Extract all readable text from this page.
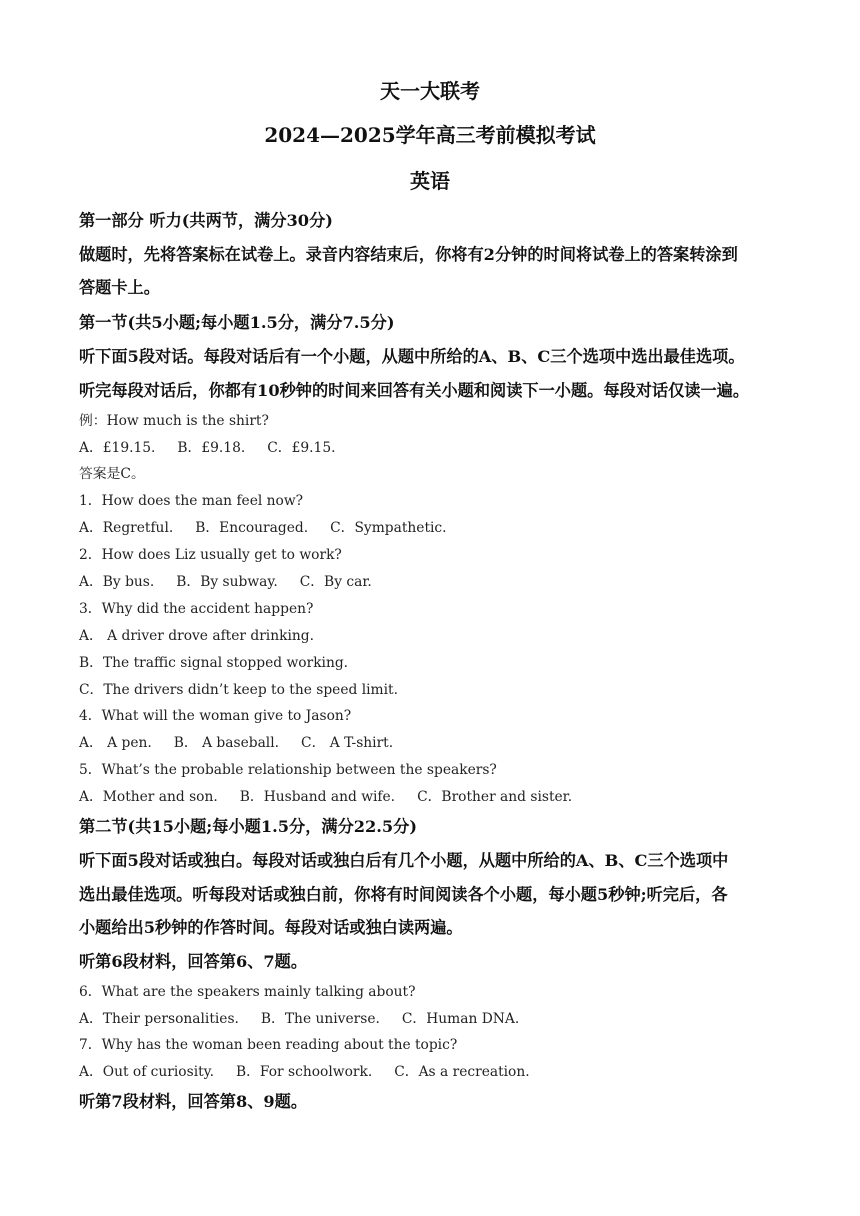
天一大联考
2024—2025学年高三考前模拟考试
英语
第一部分 听力(共两节，满分30分)
做题时，先将答案标在试卷上。录音内容结束后，你将有2分钟的时间将试卷上的答案转涂到
答题卡上。
第一节(共5小题;每小题1.5分，满分7.5分)
听下面5段对话。每段对话后有一个小题，从题中所给的A、B、C三个选项中选出最佳选项。
听完每段对话后，你都有10秒钟的时间来回答有关小题和阅读下一小题。每段对话仅读一遍。
例：How much is the shirt?
A．£19.15. B．£9.18. C．£9.15.
答案是C。
1．How does the man feel now?
A．Regretful. B．Encouraged. C．Sympathetic.
2．How does Liz usually get to work?
A．By bus. B．By subway. C．By car.
3．Why did the accident happen?
A． A driver drove after drinking.
B．The traffic signal stopped working.
C．The drivers didn’t keep to the speed limit.
4．What will the woman give to Jason?
A． A pen. B． A baseball. C． A T-shirt.
5．What’s the probable relationship between the speakers?
A．Mother and son. B．Husband and wife. C．Brother and sister.
第二节(共15小题;每小题1.5分，满分22.5分)
听下面5段对话或独白。每段对话或独白后有几个小题，从题中所给的A、B、C三个选项中
选出最佳选项。听每段对话或独白前，你将有时间阅读各个小题，每小题5秒钟;听完后，各
小题给出5秒钟的作答时间。每段对话或独白读两遍。
听第6段材料，回答第6、7题。
6．What are the speakers mainly talking about?
A．Their personalities. B．The universe. C．Human DNA.
7．Why has the woman been reading about the topic?
A．Out of curiosity. B．For schoolwork. C．As a recreation.
听第7段材料，回答第8、9题。
